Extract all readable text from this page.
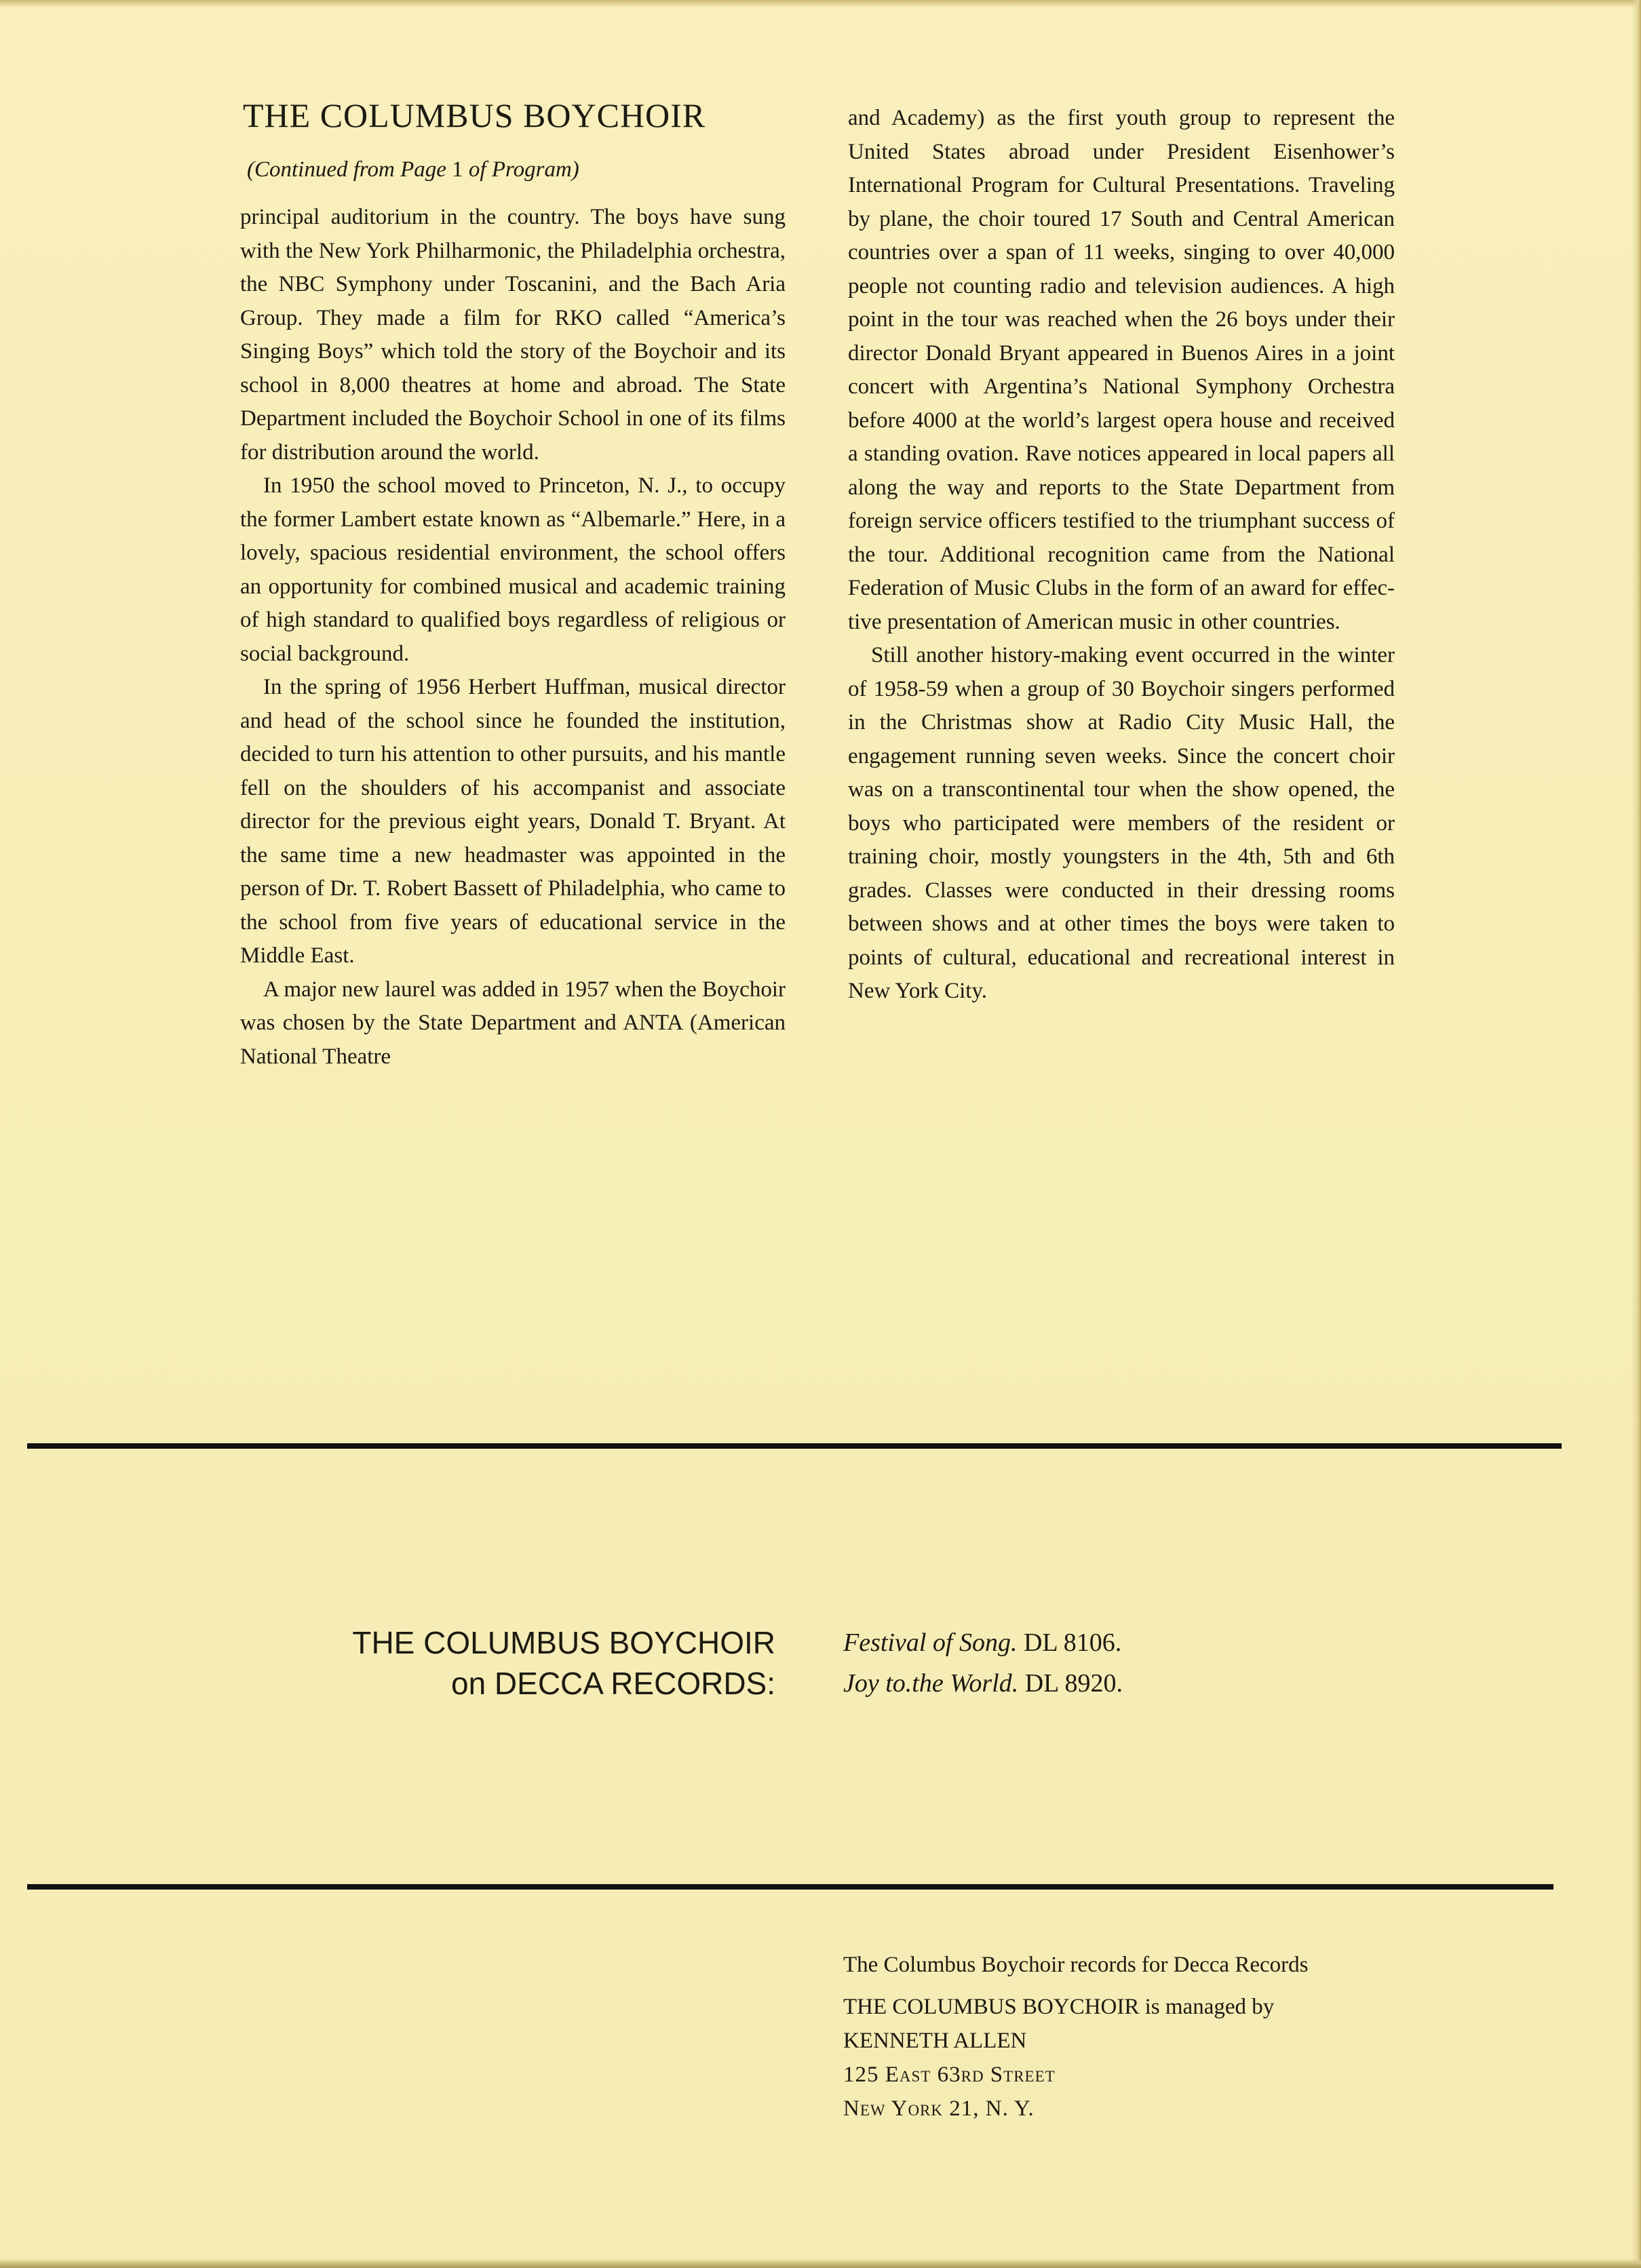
THE COLUMBUS BOYCHOIR
(Continued from Page 1 of Program)

principal auditorium in the country. The boys have sung with the New York Philharmonic, the Philadelphia orchestra, the NBC Symphony under Toscanini, and the Bach Aria Group. They made a film for RKO called “America’s Singing Boys” which told the story of the Boychoir and its school in 8,000 theatres at home and abroad. The State Department included the Boychoir School in one of its films for distribution around the world.

In 1950 the school moved to Princeton, N. J., to occupy the former Lambert estate known as “Albemarle.” Here, in a lovely, spacious residential environment, the school offers an opportunity for combined musical and academic training of high standard to qualified boys regardless of religious or social background.

In the spring of 1956 Herbert Huffman, musical director and head of the school since he founded the institution, decided to turn his attention to other pursuits, and his mantle fell on the shoulders of his accompanist and associate director for the previous eight years, Donald T. Bryant. At the same time a new headmaster was appointed in the person of Dr. T. Robert Bassett of Philadelphia, who came to the school from five years of educational service in the Middle East.

A major new laurel was added in 1957 when the Boychoir was chosen by the State Department and ANTA (American National Theatre

and Academy) as the first youth group to represent the United States abroad under President Eisenhower’s International Program for Cultural Presentations. Traveling by plane, the choir toured 17 South and Central American countries over a span of 11 weeks, singing to over 40,000 people not counting radio and television audiences. A high point in the tour was reached when the 26 boys under their director Donald Bryant appeared in Buenos Aires in a joint concert with Argentina’s National Symphony Orchestra before 4000 at the world’s largest opera house and received a standing ovation. Rave notices appeared in local papers all along the way and reports to the State Department from foreign service officers testified to the triumphant success of the tour. Additional recognition came from the National Federation of Music Clubs in the form of an award for effective presentation of American music in other countries.

Still another history-making event occurred in the winter of 1958-59 when a group of 30 Boychoir singers performed in the Christmas show at Radio City Music Hall, the engagement running seven weeks. Since the concert choir was on a transcontinental tour when the show opened, the boys who participated were members of the resident or training choir, mostly youngsters in the 4th, 5th and 6th grades. Classes were conducted in their dressing rooms between shows and at other times the boys were taken to points of cultural, educational and recreational interest in New York City.

THE COLUMBUS BOYCHOIR
on DECCA RECORDS:
Festival of Song. DL 8106.
Joy to.the World. DL 8920.
The Columbus Boychoir records for Decca Records
THE COLUMBUS BOYCHOIR is managed by
KENNETH ALLEN
125 East 63rd Street
New York 21, N. Y.
